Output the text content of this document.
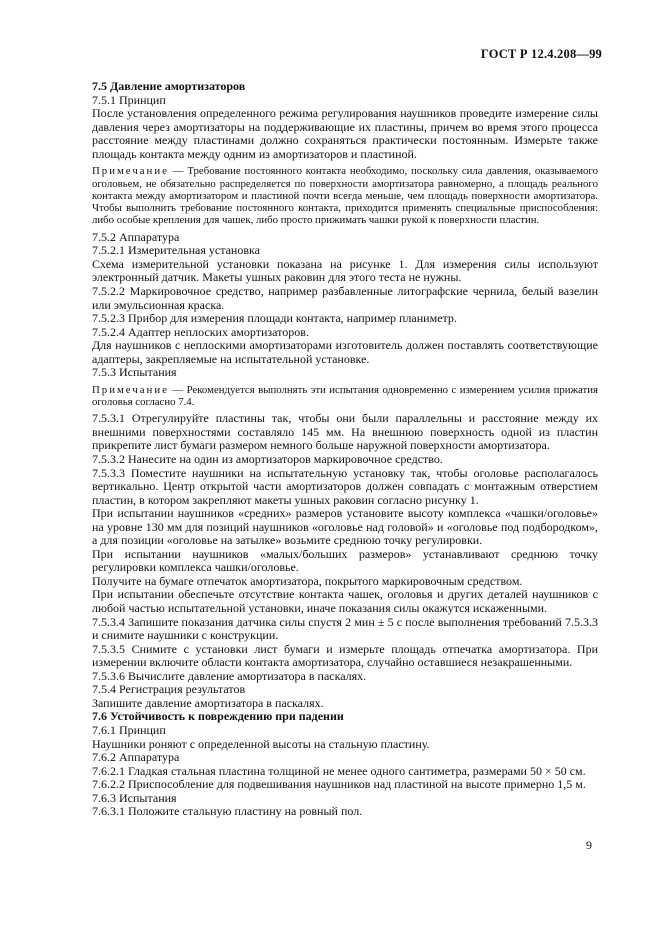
ГОСТ Р 12.4.208—99

7.5 Давление амортизаторов

7.5.1 Принцип

После установления определенного режима регулирования наушников проведите измерение силы давления через амортизаторы на поддерживающие их пластины, причем во время этого процесса расстояние между пластинами должно сохраняться практически постоянным. Измерьте также площадь контакта между одним из амортизаторов и пластиной.

Примечание — Требование постоянного контакта необходимо, поскольку сила давления, оказываемого оголовьем, не обязательно распределяется по поверхности амортизатора равномерно, а площадь реального контакта между амортизатором и пластиной почти всегда меньше, чем площадь поверхности амортизатора. Чтобы выполнить требование постоянного контакта, приходится применять специальные приспособления: либо особые крепления для чашек, либо просто прижимать чашки рукой к поверхности пластин.

7.5.2 Аппаратура

7.5.2.1 Измерительная установка

Схема измерительной установки показана на рисунке 1. Для измерения силы используют электронный датчик. Макеты ушных раковин для этого теста не нужны.

7.5.2.2 Маркировочное средство, например разбавленные литографские чернила, белый вазелин или эмульсионная краска.

7.5.2.3 Прибор для измерения площади контакта, например планиметр.

7.5.2.4 Адаптер неплоских амортизаторов.

Для наушников с неплоскими амортизаторами изготовитель должен поставлять соответствующие адаптеры, закрепляемые на испытательной установке.

7.5.3 Испытания

Примечание — Рекомендуется выполнять эти испытания одновременно с измерением усилия прижатия оголовья согласно 7.4.

7.5.3.1 Отрегулируйте пластины так, чтобы они были параллельны и расстояние между их внешними поверхностями составляло 145 мм. На внешнюю поверхность одной из пластин прикрепите лист бумаги размером немного больше наружной поверхности амортизатора.

7.5.3.2 Нанесите на один из амортизаторов маркировочное средство.

7.5.3.3 Поместите наушники на испытательную установку так, чтобы оголовье располагалось вертикально. Центр открытой части амортизаторов должен совпадать с монтажным отверстием пластин, в котором закрепляют макеты ушных раковин согласно рисунку 1.

При испытании наушников «средних» размеров установите высоту комплекса «чашки/оголовье» на уровне 130 мм для позиций наушников «оголовье над головой» и «оголовье под подбородком», а для позиции «оголовье на затылке» возьмите среднюю точку регулировки.

При испытании наушников «малых/больших размеров» устанавливают среднюю точку регулировки комплекса чашки/оголовье.

Получите на бумаге отпечаток амортизатора, покрытого маркировочным средством.

При испытании обеспечьте отсутствие контакта чашек, оголовья и других деталей наушников с любой частью испытательной установки, иначе показания силы окажутся искаженными.

7.5.3.4 Запишите показания датчика силы спустя 2 мин ± 5 с после выполнения требований 7.5.3.3 и снимите наушники с конструкции.

7.5.3.5 Снимите с установки лист бумаги и измерьте площадь отпечатка амортизатора. При измерении включите области контакта амортизатора, случайно оставшиеся незакрашенными.

7.5.3.6 Вычислите давление амортизатора в паскалях.

7.5.4 Регистрация результатов

Запишите давление амортизатора в паскалях.

7.6 Устойчивость к повреждению при падении

7.6.1 Принцип

Наушники роняют с определенной высоты на стальную пластину.

7.6.2 Аппаратура

7.6.2.1 Гладкая стальная пластина толщиной не менее одного сантиметра, размерами 50 × 50 см.

7.6.2.2 Приспособление для подвешивания наушников над пластиной на высоте примерно 1,5 м.

7.6.3 Испытания

7.6.3.1 Положите стальную пластину на ровный пол.

9
